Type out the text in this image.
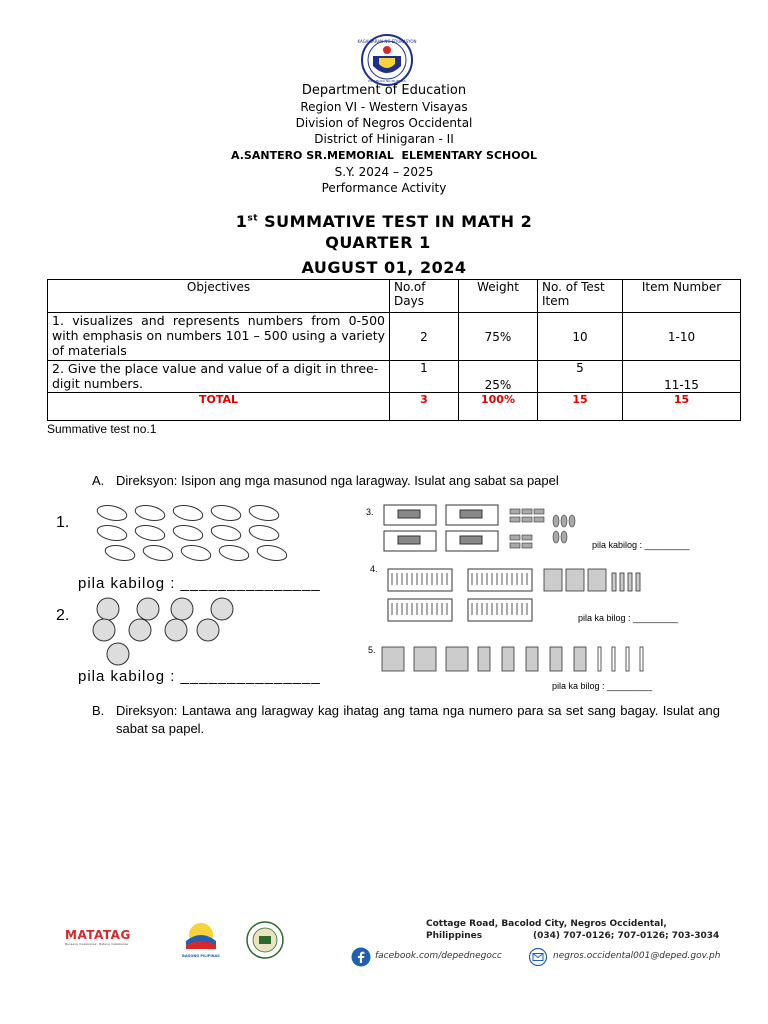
KAGAWARAN NG EDUKASYON
REPUBLIKA NG PILIPINAS
Department of Education
Region VI - Western Visayas
Division of Negros Occidental
District of Hinigaran - II
A.SANTERO SR.MEMORIAL  ELEMENTARY SCHOOL
S.Y. 2024 – 2025
Performance Activity
1st SUMMATIVE TEST IN MATH 2
QUARTER 1
AUGUST 01, 2024
Objectives	No.of Days	Weight	No. of Test Item	Item Number
1. visualizes and represents numbers from 0-500 with emphasis on numbers 101 – 500 using a variety of materials	2	75%	10	1-10
2. Give the place value and value of a digit in three-digit numbers.	1	25%	5	11-15
TOTAL	3	100%	15	15
Summative test no.1
A. Direksyon: Isipon ang mga masunod nga laragway. Isulat ang sabat sa papel
1.
pila kabilog : _______________
2.
pila kabilog : _______________
3.
pila kabilog : _________
4.
pila ka bilog : _________
5.
pila ka bilog : _________
B. Direksyon: Lantawa ang laragway kag ihatag ang tama nga numero para sa set sang bagay. Isulat ang sabat sa papel.
MATATAG
Bansang makabansa · Batang makabansa
BAGONG PILIPINAS
Cottage Road, Bacolod City, Negros Occidental, Philippines	(034) 707-0126; 707-0126; 703-3034
facebook.com/depednegocc	negros.occidental001@deped.gov.ph
